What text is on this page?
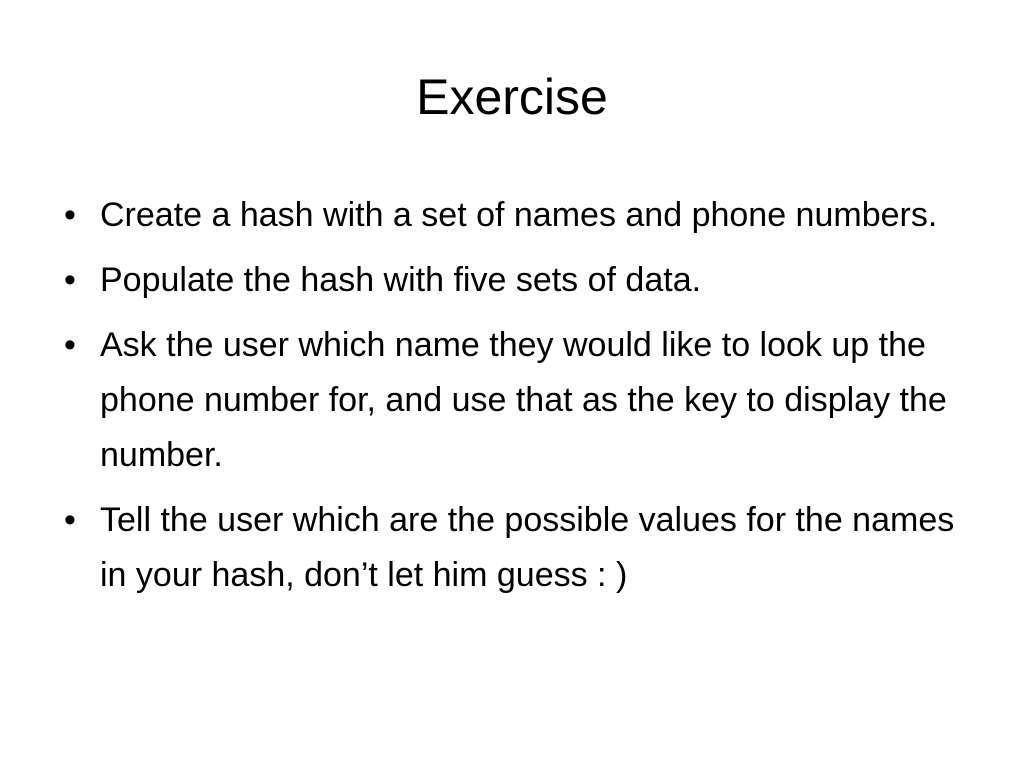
Exercise
• Create a hash with a set of names and phone numbers.
• Populate the hash with five sets of data.
• Ask the user which name they would like to look up the phone number for, and use that as the key to display the number.
• Tell the user which are the possible values for the names in your hash, don’t let him guess : )
